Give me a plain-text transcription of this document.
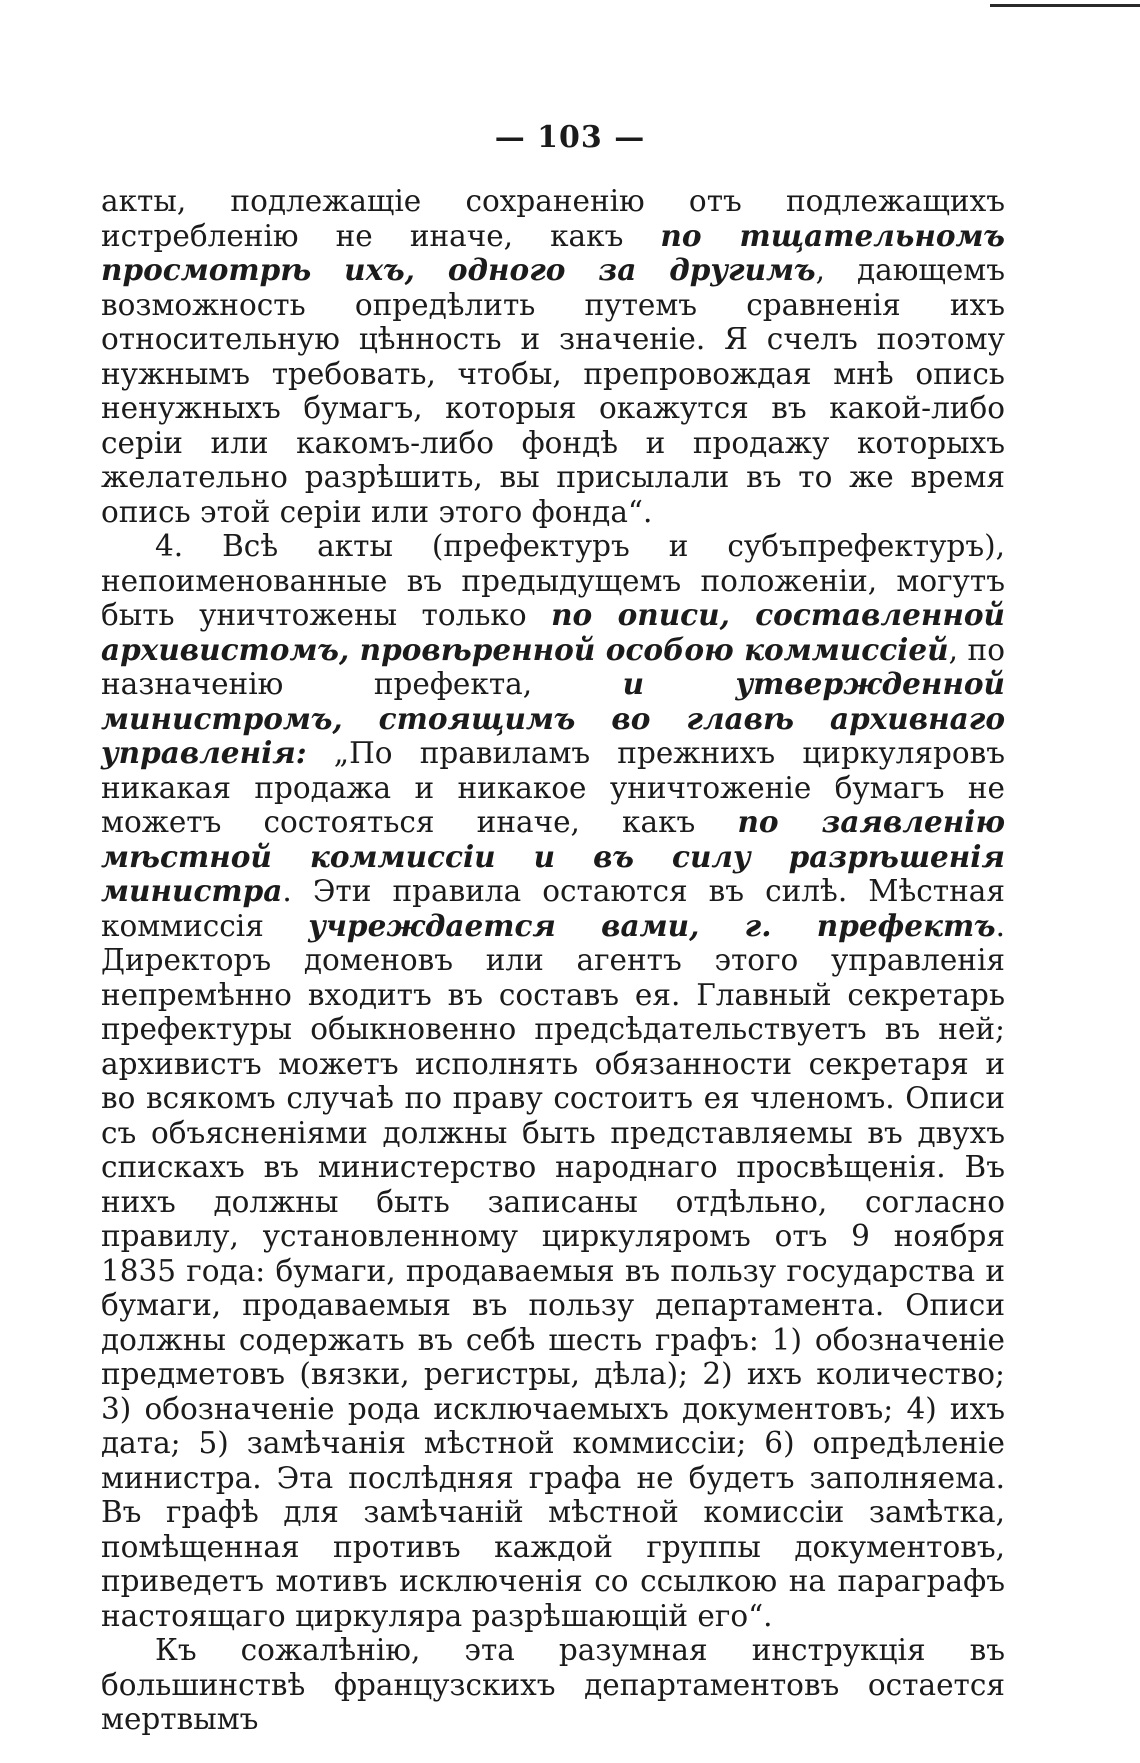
— 103 —

акты, подлежащіе сохраненію отъ подлежащихъ истребленію не иначе, какъ по тщательномъ просмотрѣ ихъ, одного за другимъ, дающемъ возможность опредѣлить путемъ сравненія ихъ относительную цѣнность и значеніе. Я счелъ поэтому нужнымъ требовать, чтобы, препровождая мнѣ опись ненужныхъ бумагъ, которыя окажутся въ какой-либо серіи или какомъ-либо фондѣ и продажу которыхъ желательно разрѣшить, вы присылали въ то же время опись этой серіи или этого фонда“.

4. Всѣ акты (префектуръ и субъпрефектуръ), непоименованные въ предыдущемъ положеніи, могутъ быть уничтожены только по описи, составленной архивистомъ, провѣренной особою коммиссіей, по назначенію префекта, и утвержденной министромъ, стоящимъ во главѣ архивнаго управленія: „По правиламъ прежнихъ циркуляровъ никакая продажа и никакое уничтоженіе бумагъ не можетъ состояться иначе, какъ по заявленію мѣстной коммиссіи и въ силу разрѣшенія министра. Эти правила остаются въ силѣ. Мѣстная коммиссія учреждается вами, г. префектъ. Директоръ доменовъ или агентъ этого управленія непремѣнно входитъ въ составъ ея. Главный секретарь префектуры обыкновенно предсѣдательствуетъ въ ней; архивистъ можетъ исполнять обязанности секретаря и во всякомъ случаѣ по праву состоитъ ея членомъ. Описи съ объясненіями должны быть представляемы въ двухъ спискахъ въ министерство народнаго просвѣщенія. Въ нихъ должны быть записаны отдѣльно, согласно правилу, установленному циркуляромъ отъ 9 ноября 1835 года: бумаги, продаваемыя въ пользу государства и бумаги, продаваемыя въ пользу департамента. Описи должны содержать въ себѣ шесть графъ: 1) обозначеніе предметовъ (вязки, регистры, дѣла); 2) ихъ количество; 3) обозначеніе рода исключаемыхъ документовъ; 4) ихъ дата; 5) замѣчанія мѣстной коммиссіи; 6) опредѣленіе министра. Эта послѣдняя графа не будетъ заполняема. Въ графѣ для замѣчаній мѣстной комиссіи замѣтка, помѣщенная противъ каждой группы документовъ, приведетъ мотивъ исключенія со ссылкою на параграфъ настоящаго циркуляра разрѣшающій его“.

Къ сожалѣнію, эта разумная инструкція въ большинствѣ французскихъ департаментовъ остается мертвымъ
